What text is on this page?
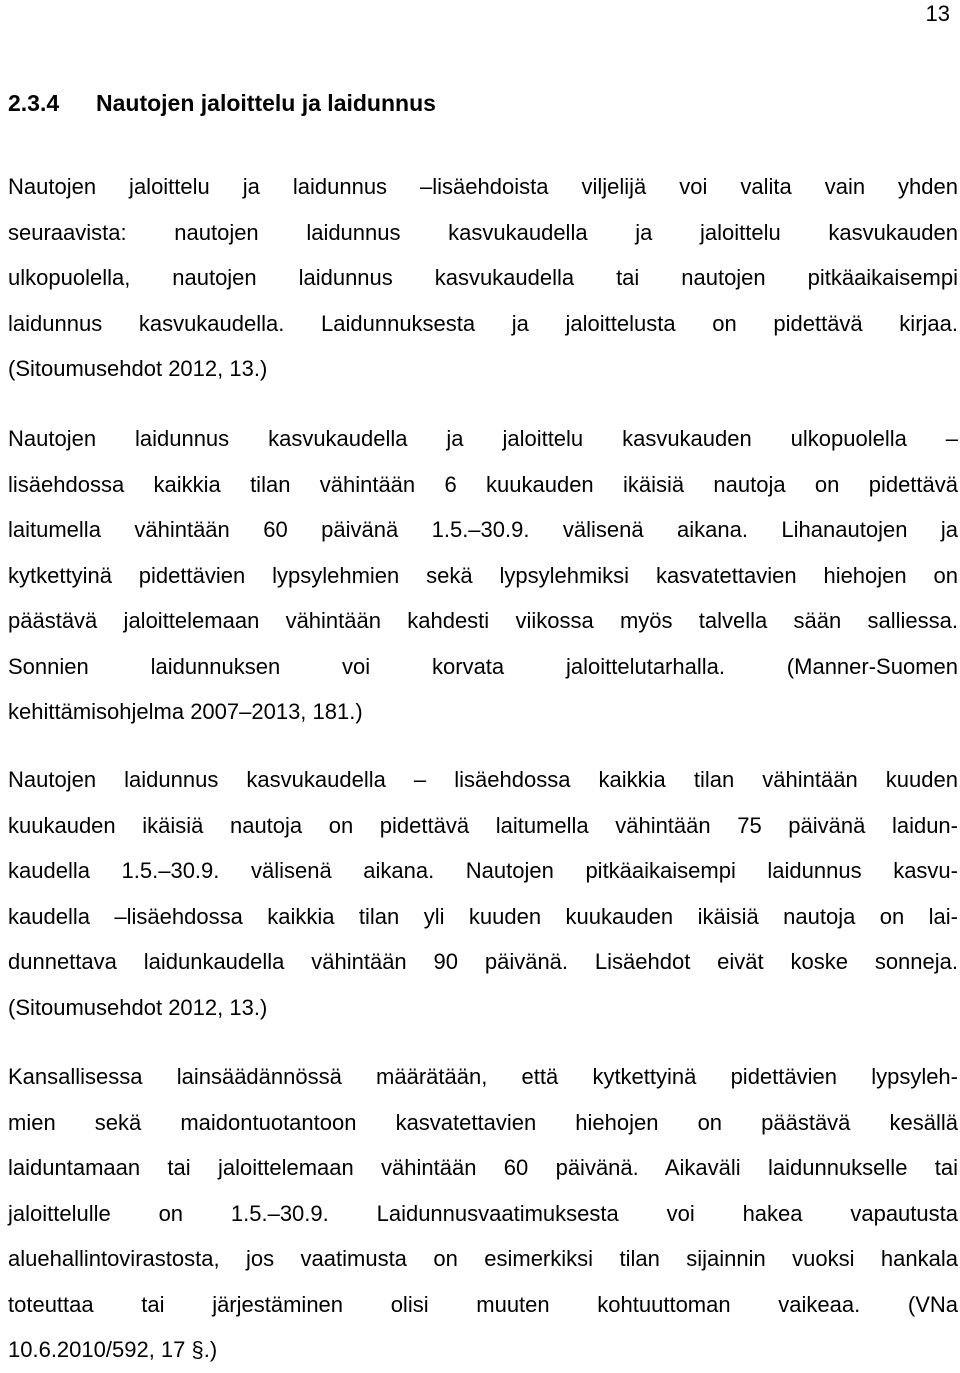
13
2.3.4 Nautojen jaloittelu ja laidunnus
Nautojen jaloittelu ja laidunnus –lisäehdoista viljelijä voi valita vain yhden
seuraavista: nautojen laidunnus kasvukaudella ja jaloittelu kasvukauden
ulkopuolella, nautojen laidunnus kasvukaudella tai nautojen pitkäaikaisempi
laidunnus kasvukaudella. Laidunnuksesta ja jaloittelusta on pidettävä kirjaa.
(Sitoumusehdot 2012, 13.)
Nautojen laidunnus kasvukaudella ja jaloittelu kasvukauden ulkopuolella –
lisäehdossa kaikkia tilan vähintään 6 kuukauden ikäisiä nautoja on pidettävä
laitumella vähintään 60 päivänä 1.5.–30.9. välisenä aikana. Lihanautojen ja
kytkettyinä pidettävien lypsylehmien sekä lypsylehmiksi kasvatettavien hiehojen on
päästävä jaloittelemaan vähintään kahdesti viikossa myös talvella sään salliessa.
Sonnien laidunnuksen voi korvata jaloittelutarhalla. (Manner-Suomen
kehittämisohjelma 2007–2013, 181.)
Nautojen laidunnus kasvukaudella – lisäehdossa kaikkia tilan vähintään kuuden
kuukauden ikäisiä nautoja on pidettävä laitumella vähintään 75 päivänä laidun-
kaudella 1.5.–30.9. välisenä aikana. Nautojen pitkäaikaisempi laidunnus kasvu-
kaudella –lisäehdossa kaikkia tilan yli kuuden kuukauden ikäisiä nautoja on lai-
dunnettava laidunkaudella vähintään 90 päivänä. Lisäehdot eivät koske sonneja.
(Sitoumusehdot 2012, 13.)
Kansallisessa lainsäädännössä määrätään, että kytkettyinä pidettävien lypsyleh-
mien sekä maidontuotantoon kasvatettavien hiehojen on päästävä kesällä
laiduntamaan tai jaloittelemaan vähintään 60 päivänä. Aikaväli laidunnukselle tai
jaloittelulle on 1.5.–30.9. Laidunnusvaatimuksesta voi hakea vapautusta
aluehallintovirastosta, jos vaatimusta on esimerkiksi tilan sijainnin vuoksi hankala
toteuttaa tai järjestäminen olisi muuten kohtuuttoman vaikeaa. (VNa
10.6.2010/592, 17 §.)
